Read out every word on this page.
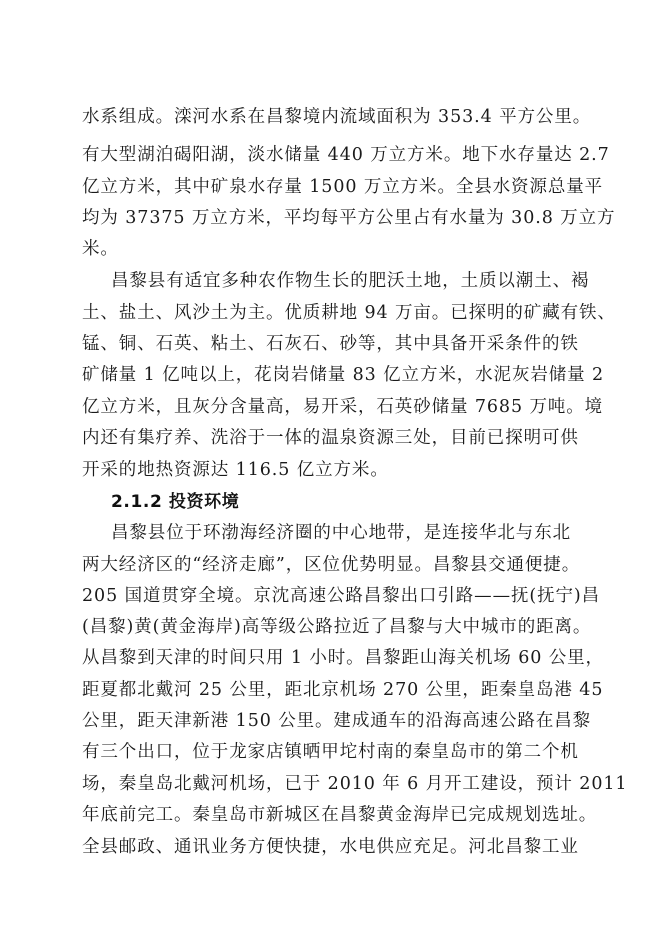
水系组成。滦河水系在昌黎境内流域面积为 353.4 平方公里。
有大型湖泊碣阳湖，淡水储量 440 万立方米。地下水存量达 2.7
亿立方米，其中矿泉水存量 1500 万立方米。全县水资源总量平
均为 37375 万立方米，平均每平方公里占有水量为 30.8 万立方
米。
昌黎县有适宜多种农作物生长的肥沃土地，土质以潮土、褐
土、盐土、风沙土为主。优质耕地 94 万亩。已探明的矿藏有铁、
锰、铜、石英、粘土、石灰石、砂等，其中具备开采条件的铁
矿储量 1 亿吨以上，花岗岩储量 83 亿立方米，水泥灰岩储量 2
亿立方米，且灰分含量高，易开采，石英砂储量 7685 万吨。境
内还有集疗养、洗浴于一体的温泉资源三处，目前已探明可供
开采的地热资源达 116.5 亿立方米。
2.1.2 投资环境
昌黎县位于环渤海经济圈的中心地带，是连接华北与东北
两大经济区的“经济走廊”，区位优势明显。昌黎县交通便捷。
205 国道贯穿全境。京沈高速公路昌黎出口引路——抚(抚宁)昌
(昌黎)黄(黄金海岸)高等级公路拉近了昌黎与大中城市的距离。
从昌黎到天津的时间只用 1 小时。昌黎距山海关机场 60 公里，
距夏都北戴河 25 公里，距北京机场 270 公里，距秦皇岛港 45
公里，距天津新港 150 公里。建成通车的沿海高速公路在昌黎
有三个出口，位于龙家店镇晒甲坨村南的秦皇岛市的第二个机
场，秦皇岛北戴河机场，已于 2010 年 6 月开工建设，预计 2011
年底前完工。秦皇岛市新城区在昌黎黄金海岸已完成规划选址。
全县邮政、通讯业务方便快捷，水电供应充足。河北昌黎工业
